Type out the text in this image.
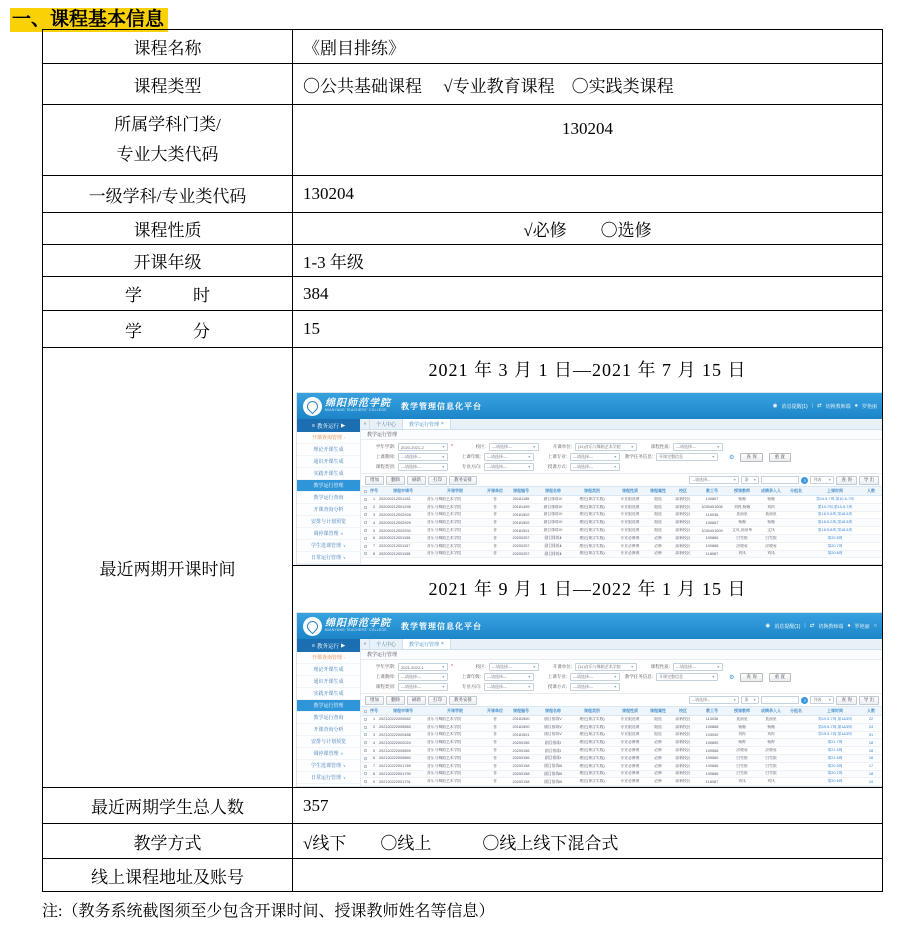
一、课程基本信息
课程名称	《剧目排练》
课程类型	〇公共基础课程　 √专业教育课程　〇实践类课程

所属学科门类/
专业大类代码	130204
一级学科/专业类代码	130204
课程性质	√必修　　〇选修
开课年级	1-3 年级
学　　　时	384
学　　　分	15
最近两期开课时间	
2021 年 3 月 1 日—2021 年 7 月 15 日
绵阳师范学院
MIANYANG TEACHERS' COLLEGE	教学管理信息化平台	◉ 消息提醒(1) | ⇄ 切换教师端 ● 罗艳丽
≡ 教务运行 ▶
开课查询管理 ‹
理论开课生成
通识开课生成
实践开课生成
教学运行管理
教学运行查询
开课查询分析
安排与计划预览
调停课管理 ∨
学生选课管理 ∨
日常运行管理 ∨
«	个人中心	教学运行管理 ×
教学运行管理
学年学期: 2020-2021-2	▼ *	校区: ---请选择---	▼	开课单位: (11)音乐与舞蹈艺术学院	▼	课程性质: ---请选择---	▼
上课教师: ---请选择---	▼	上课年级: ---请选择---	▼	上课专业: ---请选择---	▼	教学任务信息: 开课完整信息	▼ ⚙	查 询	重 置
课程类别: ---请选择---	▼	专业方向: ---请选择---	▼	授课方式: ---请选择---	▼
增加	删除	刷新	打印	教务安排	--请选择--	▼ 条 ▼	⌕	列表 ▼	查 询	导 出
序号	课程申请号	开课学院	开课单位	课程编号	课程名称	课程类别	课程性质	课程属性	校区	教工号	授课教师	成绩录入人	分组名	上课时间	人数
1	202020212001281	音乐与舞蹈艺术学院	音	20181185	剧目排练IV	理论(课含实践)	专业限选课	限选	高新校区	100867	杨媚	杨媚	第10.5-7周,第10.5-7周
2	202020212001295	音乐与舞蹈艺术学院	音	20181499	剧目排练IV	理论(课含实践)	专业限选课	限选	高新校区	1030401008	刘冉,杨媚	刘冉	第10.7周,第10.5-7周
3	202020212002928	音乐与舞蹈艺术学院	音	20181502	剧目排练VI	理论(课含实践)	专业限选课	限选	高新校区	115036	聂丽星	聂丽星	第18.5-5周,第18.5周
4	202020212002929	音乐与舞蹈艺术学院	音	20181502	剧目排练VI	理论(课含实践)	专业限选课	限选	高新校区	100667	杨媚	杨媚	第18.5-2周,第18.5周
5	202020212002930	音乐与舞蹈艺术学院	音	20181501	剧目排练VI	理论(课含实践)	专业限选课	限选	高新校区	1030401009	文凤,田丽琴	文凤	第18.5-8周,第18.5周
6	202020212001156	音乐与舞蹈艺术学院	音	20200257	剧目排练Ⅱ	理论(课含实践)	专业必修课	必修	高新校区	100866	白雪银	白雪银	第20.5周
7	202020212001157	音乐与舞蹈艺术学院	音	20200257	剧目排练Ⅱ	理论(课含实践)	专业必修课	必修	高新校区	100868	涂晓蓉	涂晓蓉	第20.7周
8	202020212001158	音乐与舞蹈艺术学院	音	20200257	剧目排练Ⅱ	理论(课含实践)	专业必修课	必修	高新校区	118087	刘凤	刘凤	第20.6周

2021 年 9 月 1 日—2022 年 1 月 15 日
绵阳师范学院
MIANYANG TEACHERS' COLLEGE	教学管理信息化平台	◉ 消息提醒(1) | ⇄ 切换教师端 ● 罗艳丽 ○
≡ 教务运行 ▶
开课查询管理 ‹
理论开课生成
通识开课生成
实践开课生成
教学运行管理
教学运行查询
开课查询分析
安排与计划预览
调停课管理 ∨
学生选课管理 ∨
日常运行管理 ∨
«	个人中心	教学运行管理 ×
教学运行管理
学年学期: 2021-2022-1	▼ *	校区: ---请选择---	▼	开课单位: (11)音乐与舞蹈艺术学院	▼	课程性质: ---请选择---	▼
上课教师: ---请选择---	▼	上课年级: ---请选择---	▼	上课专业: ---请选择---	▼	教学任务信息: 开课完整信息	▼ ⚙	查 询	重 置
课程类别: ---请选择---	▼	专业方向: ---请选择---	▼	授课方式: ---请选择---	▼
增加	删除	刷新	打印	教务安排	--请选择--	▼ 条 ▼	⌕	列表 ▼	查 询	导 出
序号	课程申请号	开课学院	开课单位	课程编号	课程名称	课程类别	课程性质	课程属性	校区	教工号	授课教师	成绩录入人	分组名	上课时间	人数
1	202120222005582	音乐与舞蹈艺术学院	音	20181500	剧目排练V	理论(课含实践)	专业限选课	限选	高新校区	113036	聂丽星	聂丽星	第19.5-7周,第1&3周	22
2	202120222005583	音乐与舞蹈艺术学院	音	20181500	剧目排练V	理论(课含实践)	专业限选课	限选	高新校区	100868	杨媚	杨媚	第19.5-7周,第1&3周	24
3	202120222000488	音乐与舞蹈艺术学院	音	20181501	剧目排练V	理论(课含实践)	专业限选课	限选	高新校区	103040	刘冉	刘冉	第19.5-7周,第1&3周	51
4	202120222002024	音乐与舞蹈艺术学院	音	20200156	剧目排练Ⅰ	理论(课含实践)	专业必修课	必修	高新校区	100890	杨婷	杨婷	第21.7周	18
5	202120222005859	音乐与舞蹈艺术学院	音	20200156	剧目排练Ⅰ	理论(课含实践)	专业必修课	必修	高新校区	109568	涂晓蓉	涂晓蓉	第21.5周	28
6	202120222005860	音乐与舞蹈艺术学院	音	20200156	剧目排练Ⅰ	理论(课含实践)	专业必修课	必修	高新校区	109560	白雪银	白雪银	第21.6周	16
7	202120222001789	音乐与舞蹈艺术学院	音	20200158	剧目排练Ⅲ	理论(课含实践)	专业必修课	必修	高新校区	100666	白雪银	白雪银	第20.5周	17
8	202120222001790	音乐与舞蹈艺术学院	音	20200158	剧目排练Ⅲ	理论(课含实践)	专业必修课	必修	高新校区	100666	白雪银	白雪银	第20.7周	18
9	202120222001791	音乐与舞蹈艺术学院	音	20200158	剧目排练Ⅲ	理论(课含实践)	专业必修课	必修	高新校区	118087	刘凤	刘凤	第20.6周	19

最近两期学生总人数	357
教学方式	√线下　　〇线上　　　〇线上线下混合式
线上课程地址及账号	
注:（教务系统截图须至少包含开课时间、授课教师姓名等信息）
